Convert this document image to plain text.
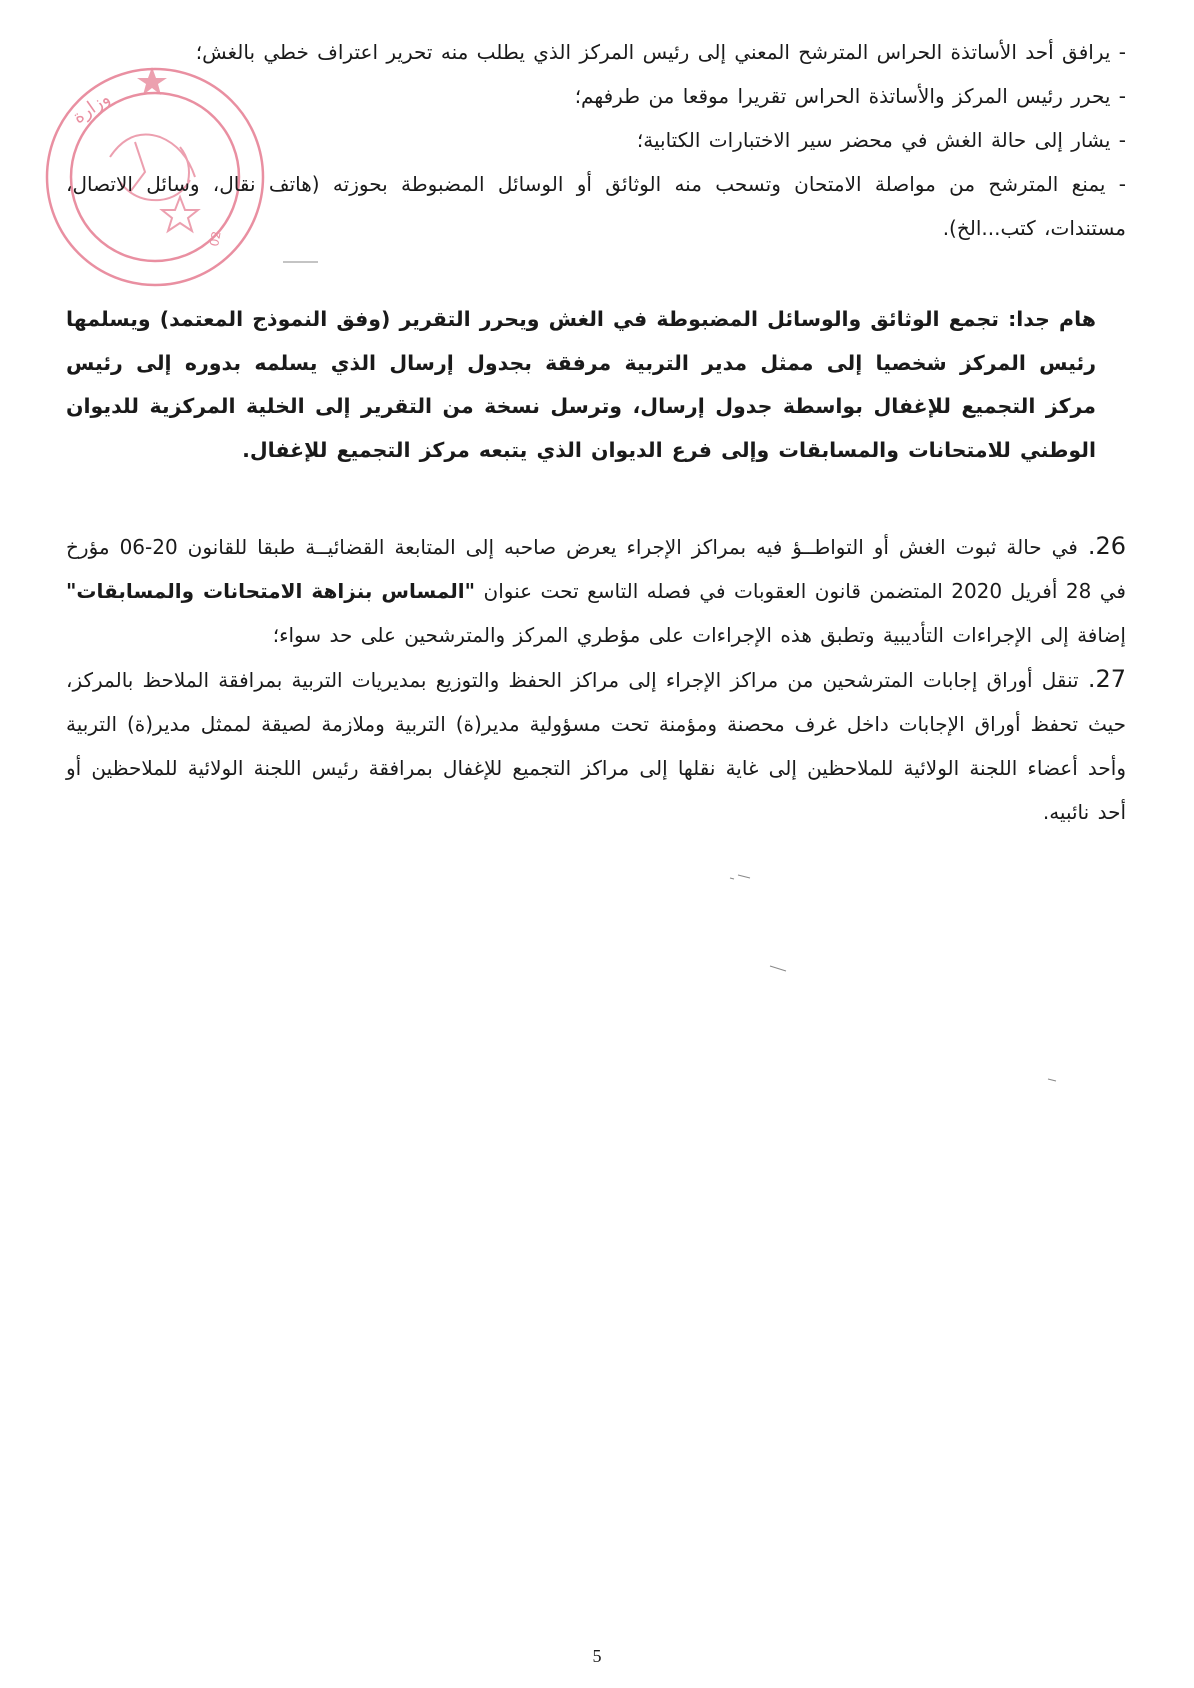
وزارة
02

- يرافق أحد الأساتذة الحراس المترشح المعني إلى رئيس المركز الذي يطلب منه تحرير اعتراف خطي بالغش؛

- يحرر رئيس المركز والأساتذة الحراس تقريرا موقعا من طرفهم؛

- يشار إلى حالة الغش في محضر سير الاختبارات الكتابية؛

- يمنع المترشح من مواصلة الامتحان وتسحب منه الوثائق أو الوسائل المضبوطة بحوزته (هاتف نقال، وسائل الاتصال، مستندات، كتب...الخ).

هام جدا: تجمع الوثائق والوسائل المضبوطة في الغش ويحرر التقرير (وفق النموذج المعتمد) ويسلمها رئيس المركز شخصيا إلى ممثل مدير التربية مرفقة بجدول إرسال الذي يسلمه بدوره إلى رئيس مركز التجميع للإغفال بواسطة جدول إرسال، وترسل نسخة من التقرير إلى الخلية المركزية للديوان الوطني للامتحانات والمسابقات وإلى فرع الديوان الذي يتبعه مركز التجميع للإغفال.

26. في حالة ثبوت الغش أو التواطــؤ فيه بمراكز الإجراء يعرض صاحبه إلى المتابعة القضائيــة طبقا للقانون 20-06 مؤرخ في 28 أفريل 2020 المتضمن قانون العقوبات في فصله التاسع تحت عنوان "المساس بنزاهة الامتحانات والمسابقات" إضافة إلى الإجراءات التأديبية وتطبق هذه الإجراءات على مؤطري المركز والمترشحين على حد سواء؛

27. تنقل أوراق إجابات المترشحين من مراكز الإجراء إلى مراكز الحفظ والتوزيع بمديريات التربية بمرافقة الملاحظ بالمركز، حيث تحفظ أوراق الإجابات داخل غرف محصنة ومؤمنة تحت مسؤولية مدير(ة) التربية وملازمة لصيقة لممثل مدير(ة) التربية وأحد أعضاء اللجنة الولائية للملاحظين إلى غاية نقلها إلى مراكز التجميع للإغفال بمرافقة رئيس اللجنة الولائية للملاحظين أو أحد نائبيه.

5
